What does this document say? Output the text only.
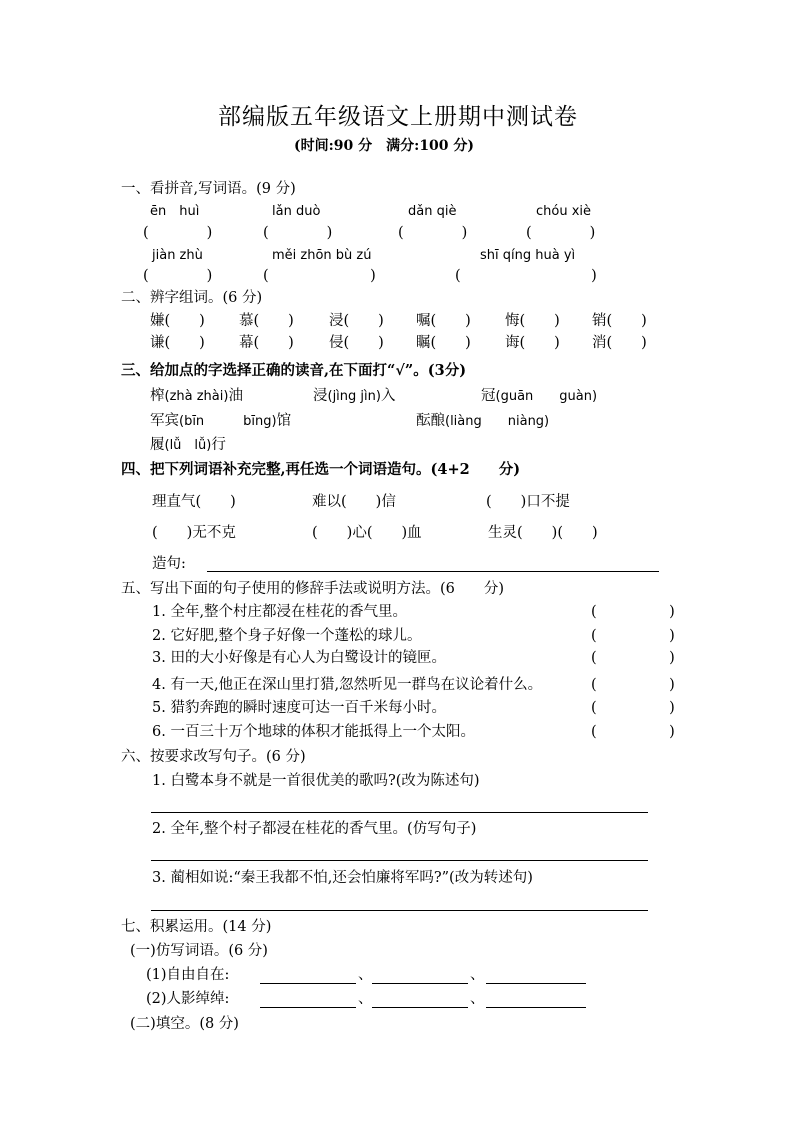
部编版五年级语文上册期中测试卷
(时间:90 分　满分:100 分)
一、看拼音,写词语。(9 分)
ēn　huì	lǎn duò	dǎn qiè	chóu xiè
(　　　　)	(　　　　)	(　　　　)	(　　　　)
jiàn zhù	měi zhōn bù zú	shī qíng huà yì
(　　　　)	(　　　　　　　)	(　　　　　　　　　)
二、辨字组词。(6 分)
嫌(　　) 慕(　　) 浸(　　) 嘱(　　) 悔(　　) 销(　　)
谦(　　) 幕(　　) 侵(　　) 瞩(　　) 诲(　　) 消(　　)
三、给加点的字选择正确的读音,在下面打“√”。(3分)
榨(zhà zhài)油	浸(jìng jìn)入	冠(guān　　guàn)
军宾(bīn　　　bīng)馆	酝酿(liàng　　niàng)
履(lǚ　lǚ)行
四、把下列词语补充完整,再任选一个词语造句。(4+2　　分)
理直气(　　)	难以(　　)信	(　　)口不提
(　　)无不克	(　　)心(　　)血	生灵(　　)(　　)
造句:
五、写出下面的句子使用的修辞手法或说明方法。(6　　分)
1. 全年,整个村庄都浸在桂花的香气里。	(　　　　　)
2. 它好肥,整个身子好像一个蓬松的球儿。	(　　　　　)
3. 田的大小好像是有心人为白鹭设计的镜匣。	(　　　　　)
4. 有一天,他正在深山里打猎,忽然听见一群鸟在议论着什么。	(　　　　　)
5. 猎豹奔跑的瞬时速度可达一百千米每小时。	(　　　　　)
6. 一百三十万个地球的体积才能抵得上一个太阳。	(　　　　　)
六、按要求改写句子。(6 分)
1. 白鹭本身不就是一首很优美的歌吗?(改为陈述句)
2. 全年,整个村子都浸在桂花的香气里。(仿写句子)
3. 蔺相如说:“秦王我都不怕,还会怕廉将军吗?”(改为转述句)
七、积累运用。(14 分)
(一)仿写词语。(6 分)
(1)自由自在:	、	、
(2)人影绰绰:	、	、
(二)填空。(8 分)
